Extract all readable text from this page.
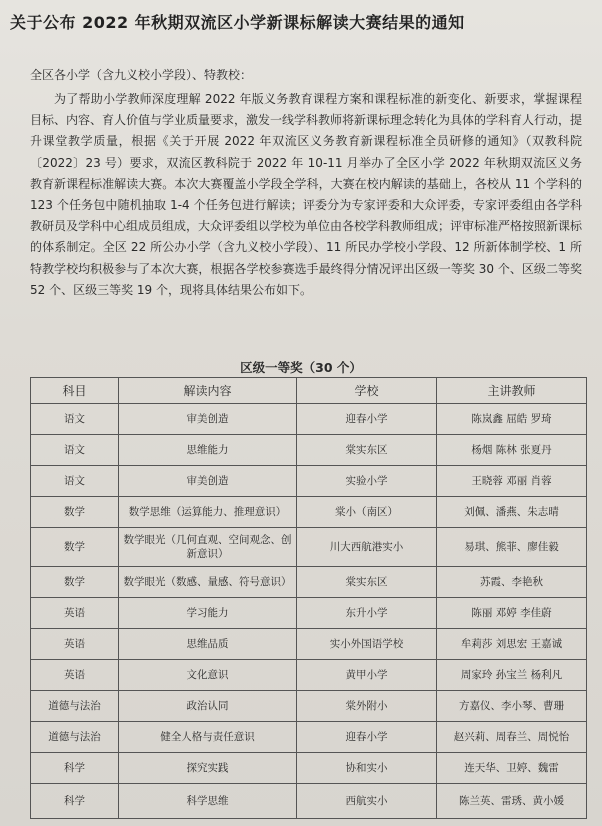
关于公布 2022 年秋期双流区小学新课标解读大赛结果的通知
全区各小学（含九义校小学段）、特教校：
为了帮助小学教师深度理解 2022 年版义务教育课程方案和课程标准的新变化、新要求，掌握课程目标、内容、育人价值与学业质量要求，激发一线学科教师将新课标理念转化为具体的学科育人行动，提升课堂教学质量，根据《关于开展 2022 年双流区义务教育新课程标准全员研修的通知》（双教科院〔2022〕23 号）要求，双流区教科院于 2022 年 10-11 月举办了全区小学 2022 年秋期双流区义务教育新课程标准解读大赛。本次大赛覆盖小学段全学科，大赛在校内解读的基础上，各校从 11 个学科的 123 个任务包中随机抽取 1-4 个任务包进行解读；评委分为专家评委和大众评委，专家评委组由各学科教研员及学科中心组成员组成，大众评委组以学校为单位由各校学科教师组成；评审标准严格按照新课标的体系制定。全区 22 所公办小学（含九义校小学段）、11 所民办学校小学段、12 所新体制学校、1 所特教学校均积极参与了本次大赛，根据各学校参赛选手最终得分情况评出区级一等奖 30 个、区级二等奖 52 个、区级三等奖 19 个，现将具体结果公布如下。
区级一等奖（30 个）
科目	解读内容	学校	主讲教师
语文	审美创造	迎春小学	陈岚鑫 屈皓 罗琦
语文	思维能力	棠实东区	杨烟 陈林 张夏丹
语文	审美创造	实验小学	王晓蓉 邓丽 肖蓉
数学	数学思维（运算能力、推理意识）	棠小（南区）	刘佩、潘燕、朱志晴
数学	数学眼光（几何直观、空间观念、创新意识）	川大西航港实小	易琪、熊菲、廖佳毅
数学	数学眼光（数感、量感、符号意识）	棠实东区	苏霞、李艳秋
英语	学习能力	东升小学	陈丽 邓婷 李佳蔚
英语	思维品质	实小外国语学校	牟莉莎 刘思宏 王嘉诚
英语	文化意识	黄甲小学	周家玲 孙宝兰 杨利凡
道德与法治	政治认同	棠外附小	方嘉仪、李小琴、曹珊
道德与法治	健全人格与责任意识	迎春小学	赵兴莉、周春兰、周悦怡
科学	探究实践	协和实小	连天华、卫婷、魏雷
科学	科学思维	西航实小	陈兰英、雷琇、黄小媛
